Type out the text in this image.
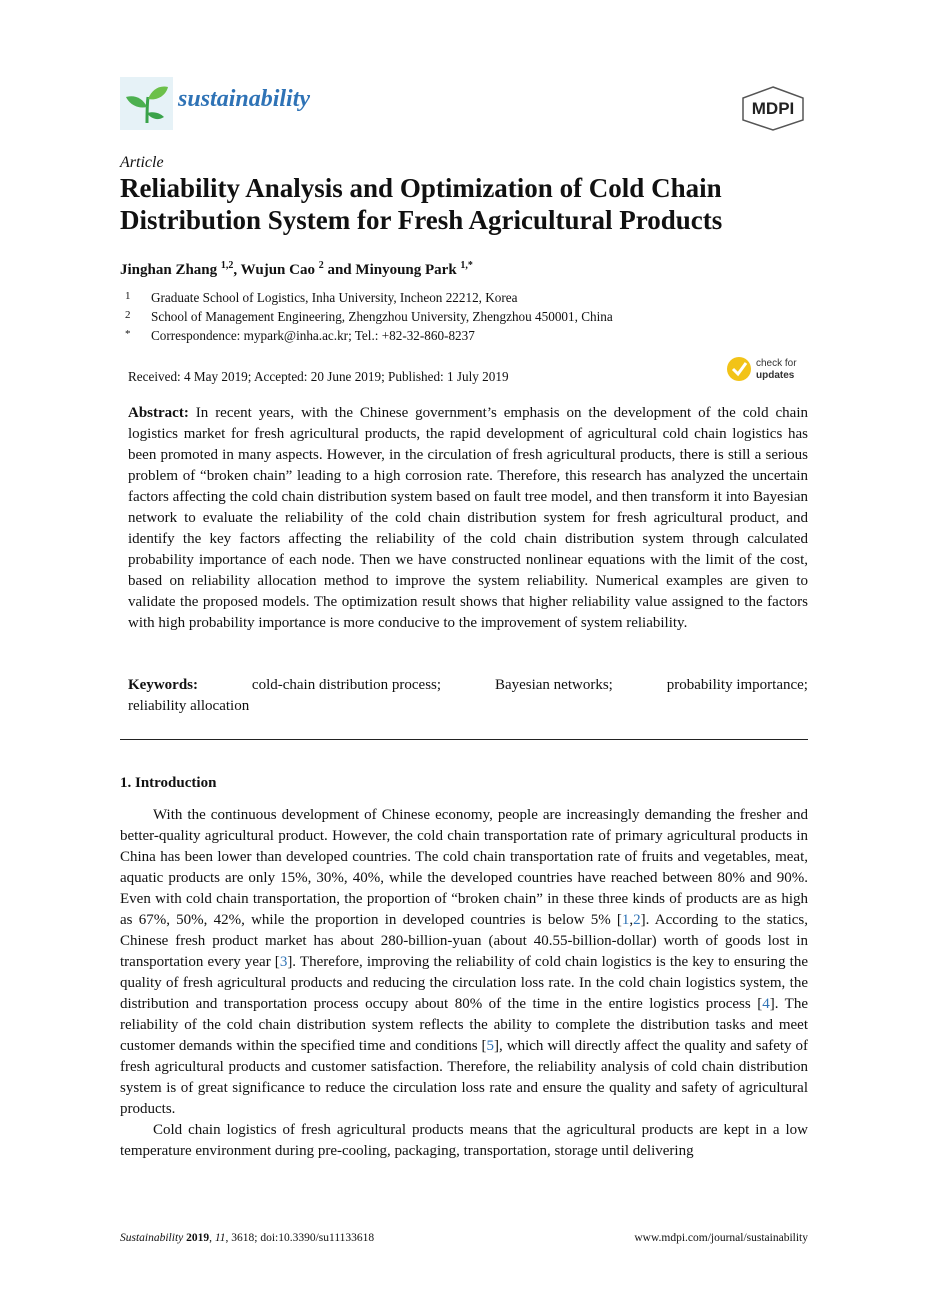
sustainability	MDPI
Article
Reliability Analysis and Optimization of Cold Chain Distribution System for Fresh Agricultural Products
Jinghan Zhang $^{1,2}$, Wujun Cao $^2$ and Minyoung Park $^{1,*}$
1 Graduate School of Logistics, Inha University, Incheon 22212, Korea
2 School of Management Engineering, Zhengzhou University, Zhengzhou 450001, China
* Correspondence: mypark@inha.ac.kr; Tel.: +82-32-860-8237
Received: 4 May 2019; Accepted: 20 June 2019; Published: 1 July 2019
check for
updates
Abstract: In recent years, with the Chinese government’s emphasis on the development of the cold chain logistics market for fresh agricultural products, the rapid development of agricultural cold chain logistics has been promoted in many aspects. However, in the circulation of fresh agricultural products, there is still a serious problem of “broken chain” leading to a high corrosion rate. Therefore, this research has analyzed the uncertain factors affecting the cold chain distribution system based on fault tree model, and then transform it into Bayesian network to evaluate the reliability of the cold chain distribution system for fresh agricultural product, and identify the key factors affecting the reliability of the cold chain distribution system through calculated probability importance of each node. Then we have constructed nonlinear equations with the limit of the cost, based on reliability allocation method to improve the system reliability. Numerical examples are given to validate the proposed models. The optimization result shows that higher reliability value assigned to the factors with high probability importance is more conducive to the improvement of system reliability.
Keywords:	cold-chain distribution process;	Bayesian networks;	probability importance;
reliability allocation
1. Introduction

With the continuous development of Chinese economy, people are increasingly demanding the fresher and better-quality agricultural product. However, the cold chain transportation rate of primary agricultural products in China has been lower than developed countries. The cold chain transportation rate of fruits and vegetables, meat, aquatic products are only 15%, 30%, 40%, while the developed countries have reached between 80% and 90%. Even with cold chain transportation, the proportion of “broken chain” in these three kinds of products are as high as 67%, 50%, 42%, while the proportion in developed countries is below 5% [1,2]. According to the statics, Chinese fresh product market has about 280-billion-yuan (about 40.55-billion-dollar) worth of goods lost in transportation every year [3]. Therefore, improving the reliability of cold chain logistics is the key to ensuring the quality of fresh agricultural products and reducing the circulation loss rate. In the cold chain logistics system, the distribution and transportation process occupy about 80% of the time in the entire logistics process [4]. The reliability of the cold chain distribution system reflects the ability to complete the distribution tasks and meet customer demands within the specified time and conditions [5], which will directly affect the quality and safety of fresh agricultural products and customer satisfaction. Therefore, the reliability analysis of cold chain distribution system is of great significance to reduce the circulation loss rate and ensure the quality and safety of agricultural products.

Cold chain logistics of fresh agricultural products means that the agricultural products are kept in a low temperature environment during pre-cooling, packaging, transportation, storage until delivering

Sustainability 2019, 11, 3618; doi:10.3390/su11133618	www.mdpi.com/journal/sustainability
